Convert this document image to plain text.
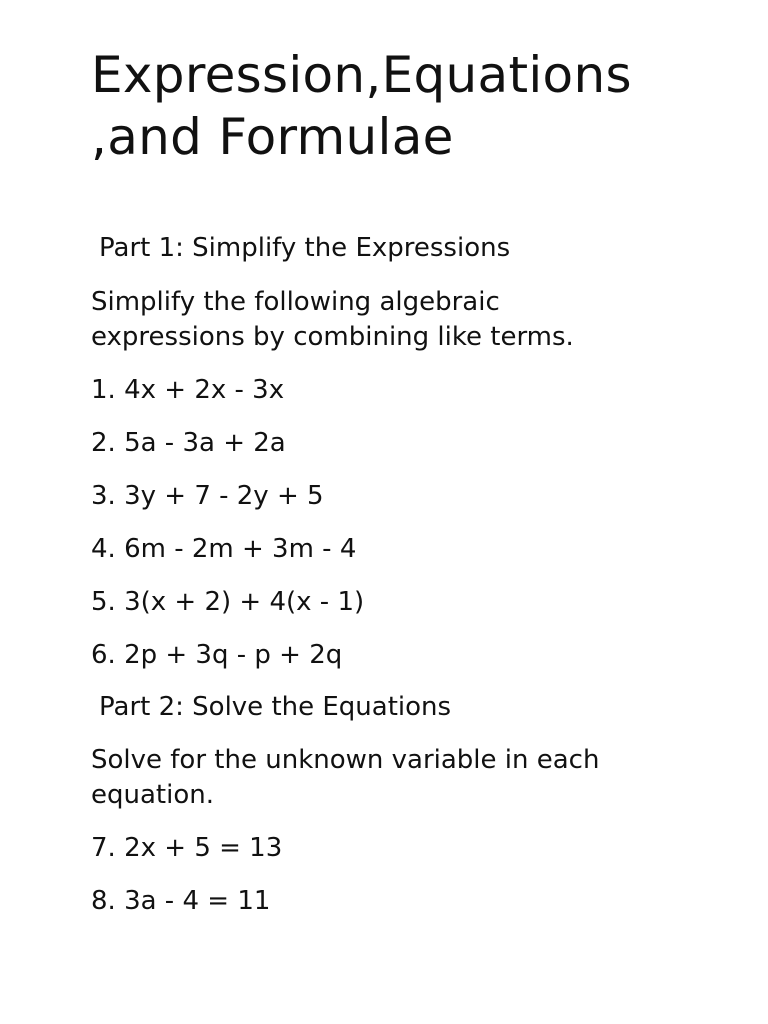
Expression,Equations ,and Formulae

Part 1: Simplify the Expressions

Simplify the following algebraic expressions by combining like terms.

1. 4x + 2x - 3x

2. 5a - 3a + 2a

3. 3y + 7 - 2y + 5

4. 6m - 2m + 3m - 4

5. 3(x + 2) + 4(x - 1)

6. 2p + 3q - p + 2q

Part 2: Solve the Equations

Solve for the unknown variable in each equation.

7. 2x + 5 = 13

8. 3a - 4 = 11
